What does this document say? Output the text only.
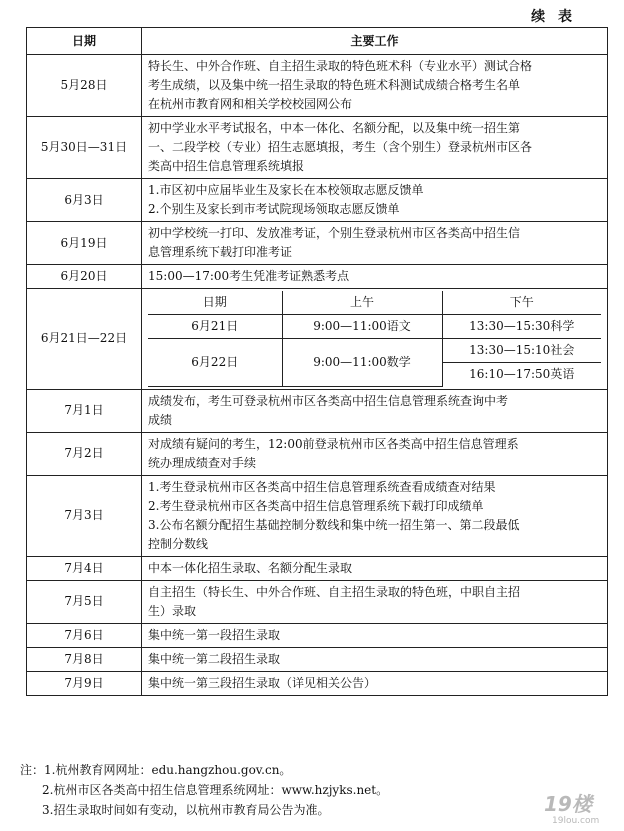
续 表
日期	主要工作
5月28日	
特长生、中外合作班、自主招生录取的特色班术科（专业水平）测试合格
考生成绩，以及集中统一招生录取的特色班术科测试成绩合格考生名单
在杭州市教育网和相关学校校园网公布

5月30日—31日	
初中学业水平考试报名，中本一体化、名额分配，以及集中统一招生第
一、二段学校（专业）招生志愿填报，考生（含个别生）登录杭州市区各
类高中招生信息管理系统填报

6月3日	
1.市区初中应届毕业生及家长在本校领取志愿反馈单
2.个别生及家长到市考试院现场领取志愿反馈单

6月19日	
初中学校统一打印、发放准考证，个别生登录杭州市区各类高中招生信
息管理系统下载打印准考证

6月20日	15:00—17:00考生凭准考证熟悉考点

6月21日—22日	
日期	上午	下午
6月21日	9:00—11:00语文	13:30—15:30科学
6月22日	9:00—11:00数学	13:30—15:10社会
16:10—17:50英语

7月1日	
成绩发布，考生可登录杭州市区各类高中招生信息管理系统查询中考
成绩

7月2日	
对成绩有疑问的考生，12:00前登录杭州市区各类高中招生信息管理系
统办理成绩查对手续

7月3日	
1.考生登录杭州市区各类高中招生信息管理系统查看成绩查对结果
2.考生登录杭州市区各类高中招生信息管理系统下载打印成绩单
3.公布名额分配招生基础控制分数线和集中统一招生第一、第二段最低
控制分数线

7月4日	中本一体化招生录取、名额分配生录取

7月5日	
自主招生（特长生、中外合作班、自主招生录取的特色班，中职自主招
生）录取

7月6日	集中统一第一段招生录取

7月8日	集中统一第二段招生录取

7月9日	集中统一第三段招生录取（详见相关公告）
注：1.杭州教育网网址：edu.hangzhou.gov.cn。
2.杭州市区各类高中招生信息管理系统网址：www.hzjyks.net。
3.招生录取时间如有变动，以杭州市教育局公告为准。	19楼
19lou.com
